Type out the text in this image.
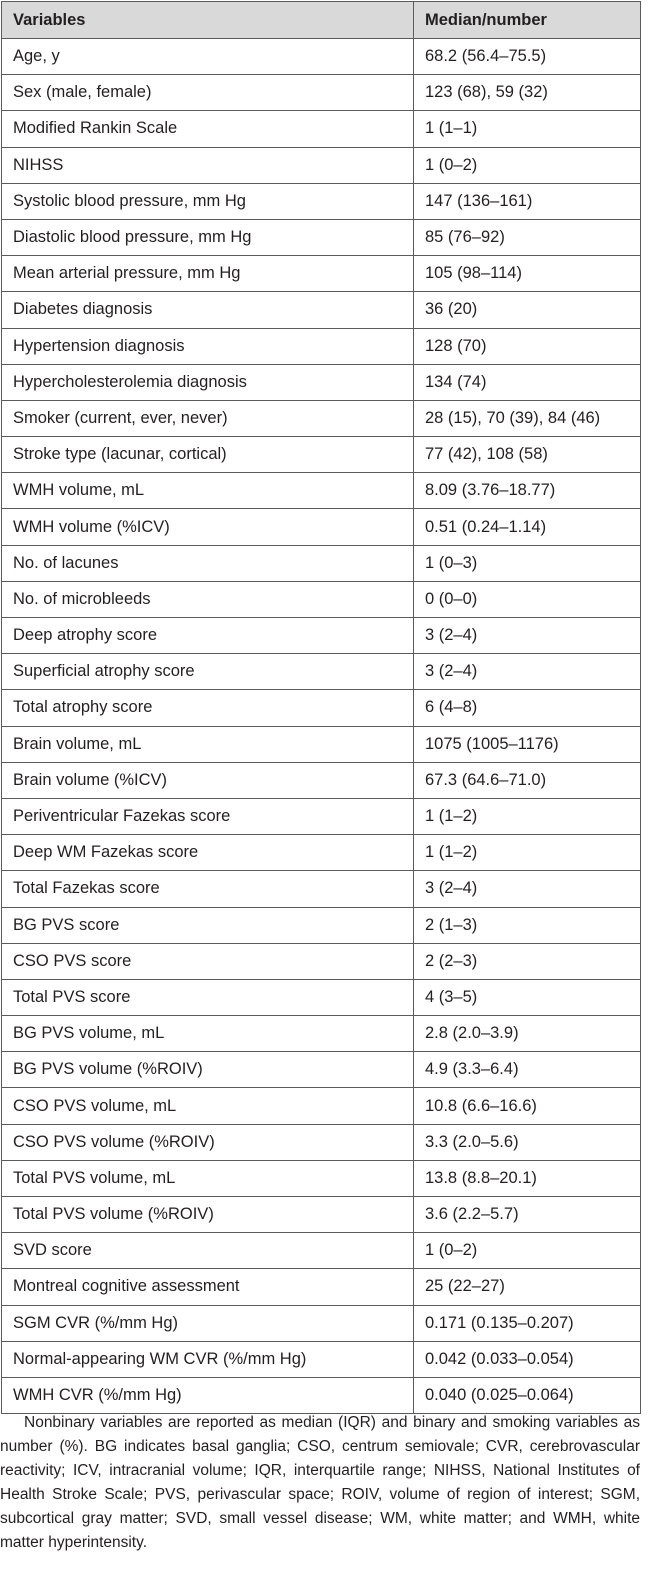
Variables	Median/number
Age, y	68.2 (56.4–75.5)
Sex (male, female)	123 (68), 59 (32)
Modified Rankin Scale	1 (1–1)
NIHSS	1 (0–2)
Systolic blood pressure, mm Hg	147 (136–161)
Diastolic blood pressure, mm Hg	85 (76–92)
Mean arterial pressure, mm Hg	105 (98–114)
Diabetes diagnosis	36 (20)
Hypertension diagnosis	128 (70)
Hypercholesterolemia diagnosis	134 (74)
Smoker (current, ever, never)	28 (15), 70 (39), 84 (46)
Stroke type (lacunar, cortical)	77 (42), 108 (58)
WMH volume, mL	8.09 (3.76–18.77)
WMH volume (%ICV)	0.51 (0.24–1.14)
No. of lacunes	1 (0–3)
No. of microbleeds	0 (0–0)
Deep atrophy score	3 (2–4)
Superficial atrophy score	3 (2–4)
Total atrophy score	6 (4–8)
Brain volume, mL	1075 (1005–1176)
Brain volume (%ICV)	67.3 (64.6–71.0)
Periventricular Fazekas score	1 (1–2)
Deep WM Fazekas score	1 (1–2)
Total Fazekas score	3 (2–4)
BG PVS score	2 (1–3)
CSO PVS score	2 (2–3)
Total PVS score	4 (3–5)
BG PVS volume, mL	2.8 (2.0–3.9)
BG PVS volume (%ROIV)	4.9 (3.3–6.4)
CSO PVS volume, mL	10.8 (6.6–16.6)
CSO PVS volume (%ROIV)	3.3 (2.0–5.6)
Total PVS volume, mL	13.8 (8.8–20.1)
Total PVS volume (%ROIV)	3.6 (2.2–5.7)
SVD score	1 (0–2)
Montreal cognitive assessment	25 (22–27)
SGM CVR (%/mm Hg)	0.171 (0.135–0.207)
Normal-appearing WM CVR (%/mm Hg)	0.042 (0.033–0.054)
WMH CVR (%/mm Hg)	0.040 (0.025–0.064)

Nonbinary variables are reported as median (IQR) and binary and smoking variables as number (%). BG indicates basal ganglia; CSO, centrum semiovale; CVR, cerebrovascular reactivity; ICV, intracranial volume; IQR, interquartile range; NIHSS, National Institutes of Health Stroke Scale; PVS, perivascular space; ROIV, volume of region of interest; SGM, subcortical gray matter; SVD, small vessel disease; WM, white matter; and WMH, white matter hyperintensity.
